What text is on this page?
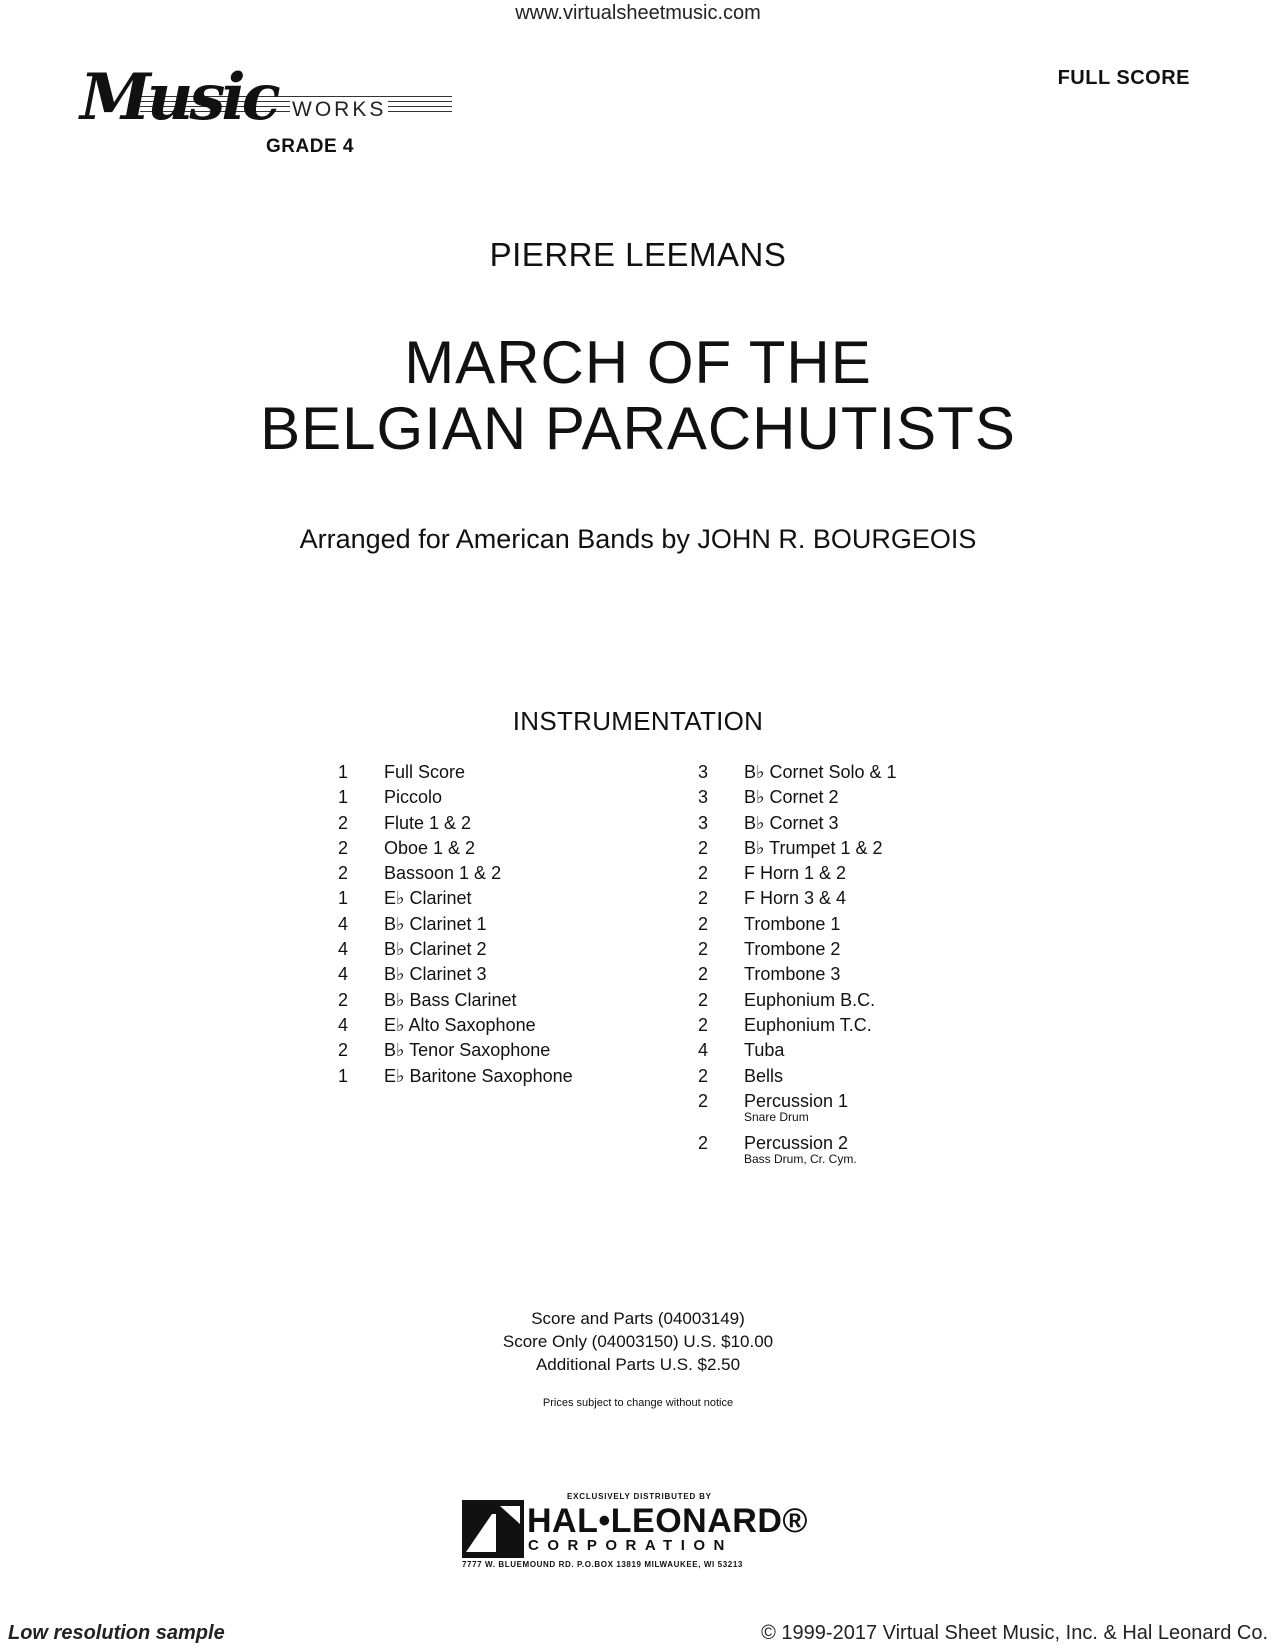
www.virtualsheetmusic.com
Music WORKS
GRADE 4
FULL SCORE
PIERRE LEEMANS
MARCH OF THE
BELGIAN PARACHUTISTS
Arranged for American Bands by JOHN R. BOURGEOIS
INSTRUMENTATION
1 Full Score
1 Piccolo
2 Flute 1 & 2
2 Oboe 1 & 2
2 Bassoon 1 & 2
1 E♭ Clarinet
4 B♭ Clarinet 1
4 B♭ Clarinet 2
4 B♭ Clarinet 3
2 B♭ Bass Clarinet
4 E♭ Alto Saxophone
2 B♭ Tenor Saxophone
1 E♭ Baritone Saxophone
3 B♭ Cornet Solo & 1
3 B♭ Cornet 2
3 B♭ Cornet 3
2 B♭ Trumpet 1 & 2
2 F Horn 1 & 2
2 F Horn 3 & 4
2 Trombone 1
2 Trombone 2
2 Trombone 3
2 Euphonium B.C.
2 Euphonium T.C.
4 Tuba
2 Bells
2 Percussion 1
Snare Drum
2 Percussion 2
Bass Drum, Cr. Cym.
Score and Parts (04003149)
Score Only (04003150) U.S. $10.00
Additional Parts U.S. $2.50
Prices subject to change without notice
EXCLUSIVELY DISTRIBUTED BY
HAL•LEONARD®
CORPORATION
7777 W. BLUEMOUND RD. P.O.BOX 13819 MILWAUKEE, WI 53213
Low resolution sample	© 1999-2017 Virtual Sheet Music, Inc. & Hal Leonard Co.
